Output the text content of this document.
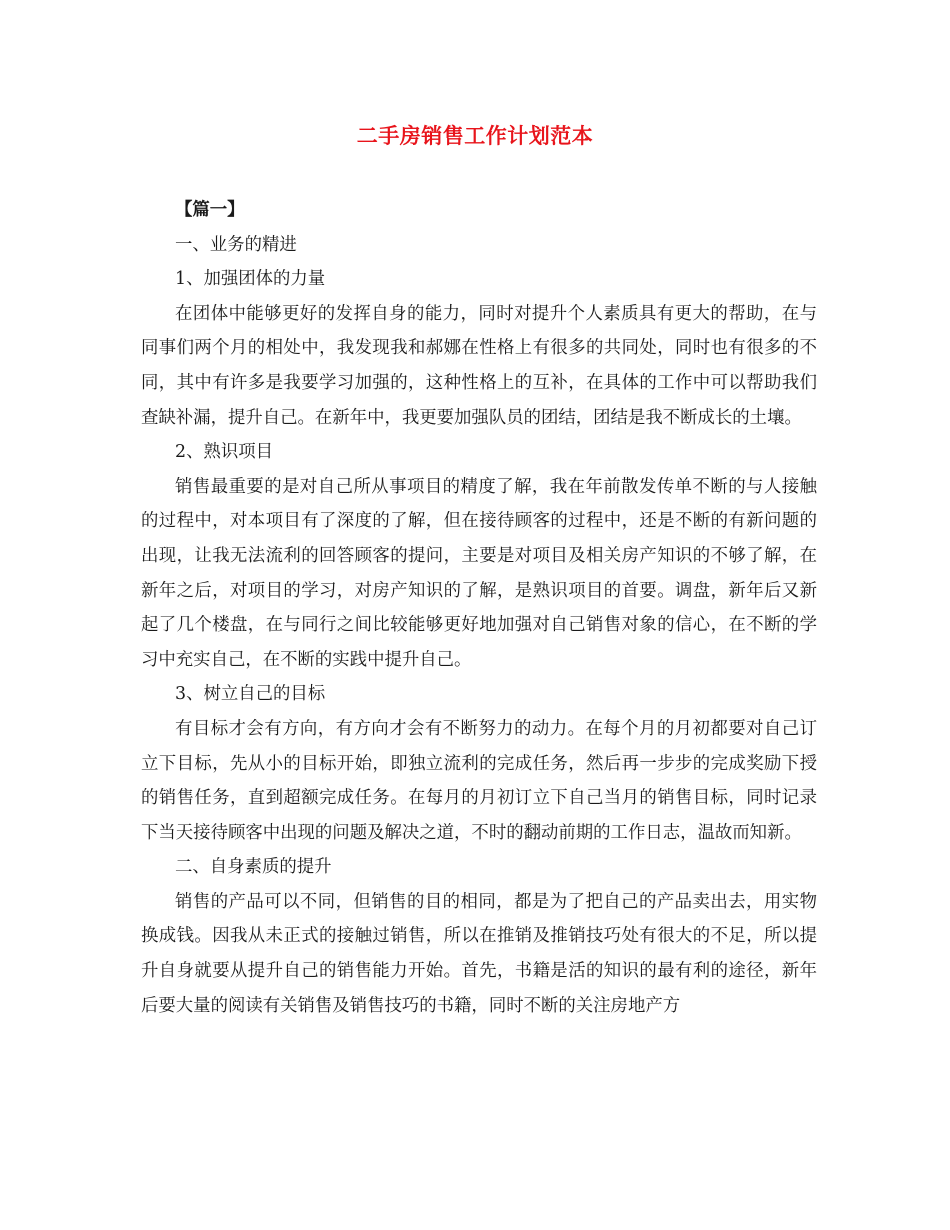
二手房销售工作计划范本

【篇一】

一、业务的精进

1、加强团体的力量

在团体中能够更好的发挥自身的能力，同时对提升个人素质具有更大的帮助，在与同事们两个月的相处中，我发现我和郝娜在性格上有很多的共同处，同时也有很多的不同，其中有许多是我要学习加强的，这种性格上的互补，在具体的工作中可以帮助我们查缺补漏，提升自己。在新年中，我更要加强队员的团结，团结是我不断成长的土壤。

2、熟识项目

销售最重要的是对自己所从事项目的精度了解，我在年前散发传单不断的与人接触的过程中，对本项目有了深度的了解，但在接待顾客的过程中，还是不断的有新问题的出现，让我无法流利的回答顾客的提问，主要是对项目及相关房产知识的不够了解，在新年之后，对项目的学习，对房产知识的了解，是熟识项目的首要。调盘，新年后又新起了几个楼盘，在与同行之间比较能够更好地加强对自己销售对象的信心，在不断的学习中充实自己，在不断的实践中提升自己。

3、树立自己的目标

有目标才会有方向，有方向才会有不断努力的动力。在每个月的月初都要对自己订立下目标，先从小的目标开始，即独立流利的完成任务，然后再一步步的完成奖励下授的销售任务，直到超额完成任务。在每月的月初订立下自己当月的销售目标，同时记录下当天接待顾客中出现的问题及解决之道，不时的翻动前期的工作日志，温故而知新。

二、自身素质的提升

销售的产品可以不同，但销售的目的相同，都是为了把自己的产品卖出去，用实物换成钱。因我从未正式的接触过销售，所以在推销及推销技巧处有很大的不足，所以提升自身就要从提升自己的销售能力开始。首先，书籍是活的知识的最有利的途径，新年后要大量的阅读有关销售及销售技巧的书籍，同时不断的关注房地产方
